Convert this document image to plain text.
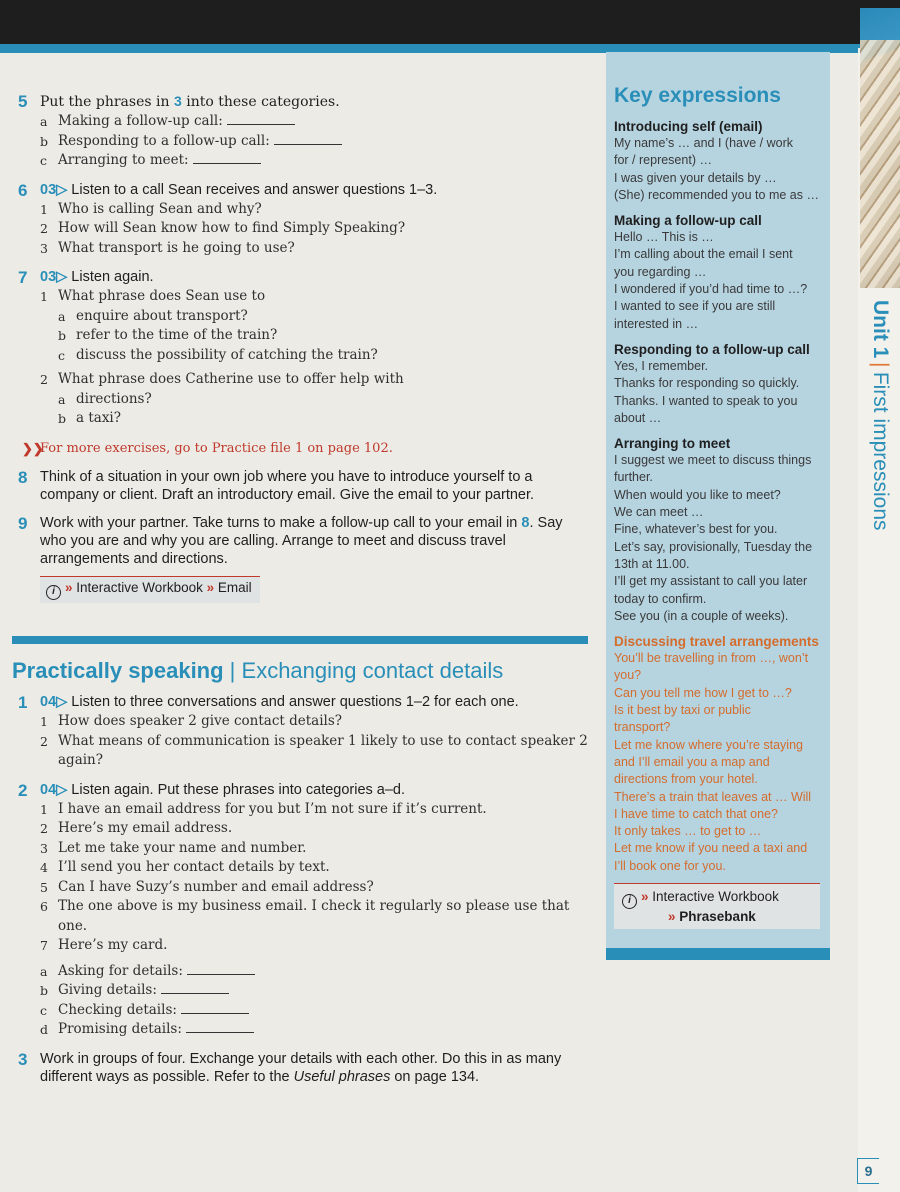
Unit 1|First impressions
9
5 Put the phrases in 3 into these categories.
a Making a follow-up call:
b Responding to a follow-up call:
c Arranging to meet:
6 03▷ Listen to a call Sean receives and answer questions 1–3.
1 Who is calling Sean and why?
2 How will Sean know how to find Simply Speaking?
3 What transport is he going to use?
7 03▷ Listen again.
1 What phrase does Sean use to
a enquire about transport?
b refer to the time of the train?
c discuss the possibility of catching the train?
2 What phrase does Catherine use to offer help with
a directions?
b a taxi?
❯❯
For more exercises, go to Practice file 1 on page 102.
8 Think of a situation in your own job where you have to introduce yourself to a company or client. Draft an introductory email. Give the email to your partner.
9 Work with your partner. Take turns to make a follow-up call to your email in 8. Say who you are and why you are calling. Arrange to meet and discuss travel arrangements and directions.
i » Interactive Workbook » Email
Practically speaking | Exchanging contact details
1 04▷ Listen to three conversations and answer questions 1–2 for each one.
1 How does speaker 2 give contact details?
2 What means of communication is speaker 1 likely to use to contact speaker 2 again?
2 04▷ Listen again. Put these phrases into categories a–d.
1 I have an email address for you but I’m not sure if it’s current.
2 Here’s my email address.
3 Let me take your name and number.
4 I’ll send you her contact details by text.
5 Can I have Suzy’s number and email address?
6 The one above is my business email. I check it regularly so please use that one.
7 Here’s my card.
a Asking for details:
b Giving details:
c Checking details:
d Promising details:
3 Work in groups of four. Exchange your details with each other. Do this in as many different ways as possible. Refer to the Useful phrases on page 134.
Key expressions
Introducing self (email)
My name’s … and I (have / work
for / represent) …
I was given your details by …
(She) recommended you to me as …
Making a follow-up call
Hello … This is …
I’m calling about the email I sent
you regarding …
I wondered if you’d had time to …?
I wanted to see if you are still
interested in …
Responding to a follow-up call
Yes, I remember.
Thanks for responding so quickly.
Thanks. I wanted to speak to you
about …
Arranging to meet
I suggest we meet to discuss things
further.
When would you like to meet?
We can meet …
Fine, whatever’s best for you.
Let’s say, provisionally, Tuesday the
13th at 11.00.
I’ll get my assistant to call you later
today to confirm.
See you (in a couple of weeks).
Discussing travel arrangements
You’ll be travelling in from …, won’t
you?
Can you tell me how I get to …?
Is it best by taxi or public
transport?
Let me know where you’re staying
and I’ll email you a map and
directions from your hotel.
There’s a train that leaves at … Will
I have time to catch that one?
It only takes … to get to …
Let me know if you need a taxi and
I’ll book one for you.
i » Interactive Workbook
» Phrasebank
